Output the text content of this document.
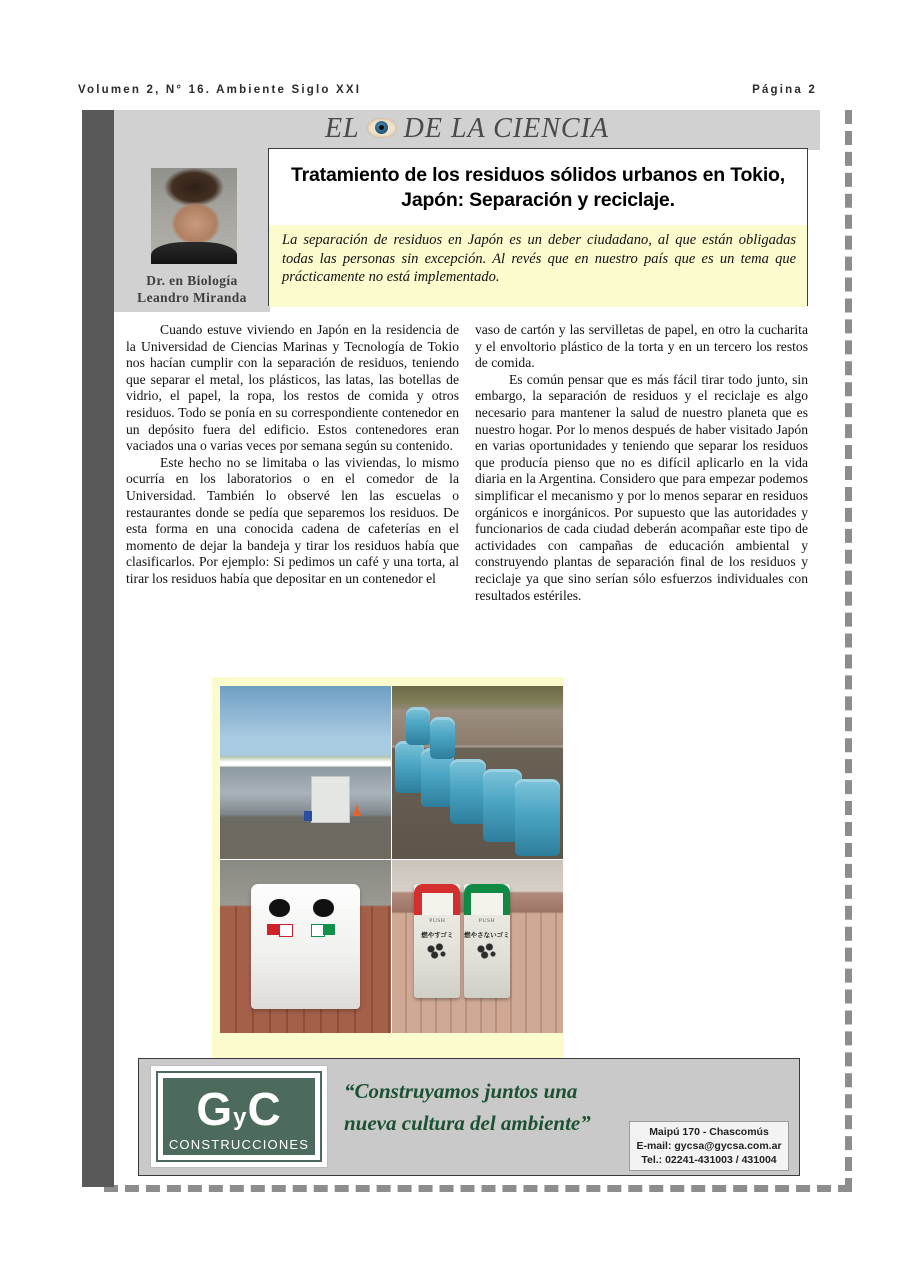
Volumen 2, N° 16. Ambiente Siglo XXI	Página 2
EL DE LA CIENCIA
Dr. en Biología
Leandro Miranda
Tratamiento de los residuos sólidos urbanos en Tokio, Japón: Separación y reciclaje.
La separación de residuos en Japón es un deber ciudadano, al que están obligadas todas las personas sin excepción. Al revés que en nuestro país que es un tema que prácticamente no está implementado.

Cuando estuve viviendo en Japón en la residencia de la Universidad de Ciencias Marinas y Tecnología de Tokio nos hacían cumplir con la separación de residuos, teniendo que separar el metal, los plásticos, las latas, las botellas de vidrio, el papel, la ropa, los restos de comida y otros residuos. Todo se ponía en su correspondiente contenedor en un depósito fuera del edificio. Estos contenedores eran vaciados una o varias veces por semana según su contenido.

Este hecho no se limitaba o las viviendas, lo mismo ocurría en los laboratorios o en el comedor de la Universidad. También lo observé len las escuelas o restaurantes donde se pedía que separemos los residuos. De esta forma en una conocida cadena de cafeterías en el momento de dejar la bandeja y tirar los residuos había que clasificarlos. Por ejemplo: Si pedimos un café y una torta, al tirar los residuos había que depositar en un contenedor el

vaso de cartón y las servilletas de papel, en otro la cucharita y el envoltorio plástico de la torta y en un tercero los restos de comida.

Es común pensar que es más fácil tirar todo junto, sin embargo, la separación de residuos y el reciclaje es algo necesario para mantener la salud de nuestro planeta que es nuestro hogar. Por lo menos después de haber visitado Japón en varias oportunidades y teniendo que separar los residuos que producía pienso que no es difícil aplicarlo en la vida diaria en la Argentina. Considero que para empezar podemos simplificar el mecanismo y por lo menos separar en residuos orgánicos e inorgánicos. Por supuesto que las autoridades y funcionarios de cada ciudad deberán acompañar este tipo de actividades con campañas de educación ambiental y construyendo plantas de separación final de los residuos y reciclaje ya que sino serían sólo esfuerzos individuales con resultados estériles.

PUSH
燃やすゴミ
PUSH
燃やさないゴミ
GyC
CONSTRUCCIONES
“Construyamos juntos una
nueva cultura del ambiente”	Maipú 170 - Chascomús
E-mail: gycsa@gycsa.com.ar
Tel.: 02241-431003 / 431004
